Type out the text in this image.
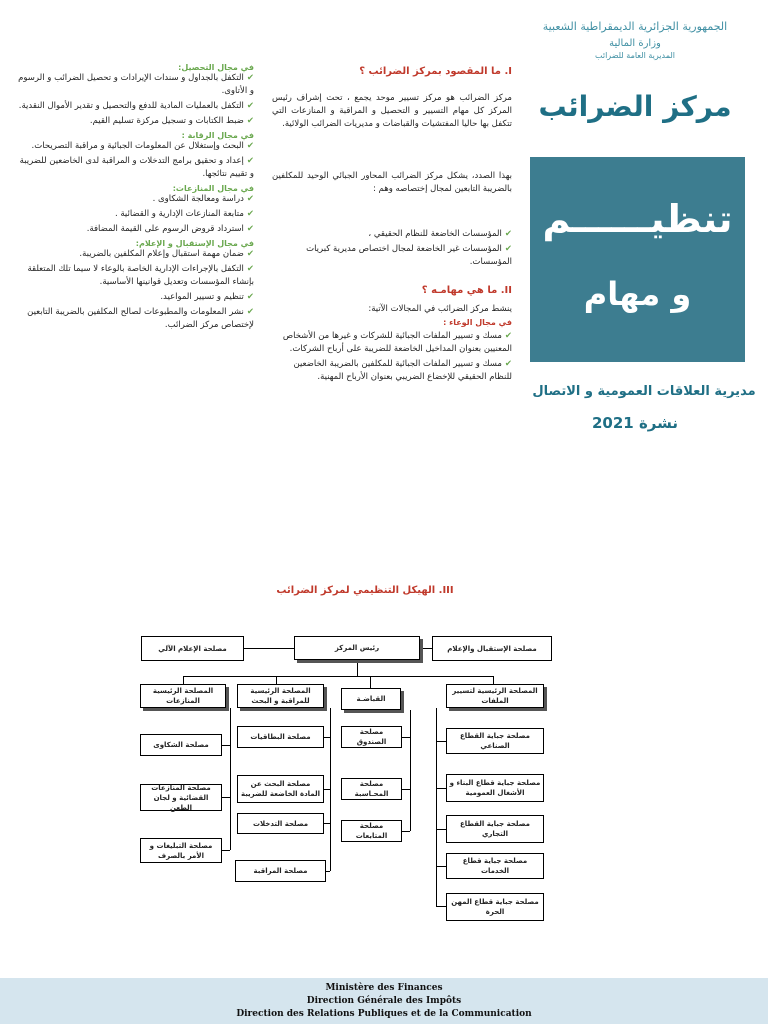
الجمهورية الجزائرية الديمقراطية الشعبية
وزارة المالية
المديرية العامة للضرائب
مركز الضرائب
تنظيــــــم
و مهام
مديرية العلاقات العمومية و الاتصال
نشرة 2021
I. ما المقصود بمركز الضرائب ؟
مركز الضرائب هو مركز تسيير موحد يجمع ، تحت إشراف رئيس المركز كل مهام التسيير و التحصيل و المراقبة و المنازعات التي تتكفل بها حاليا المفتشيات والقباضات و مديريات الضرائب الولائية.
بهذا الصدد، يشكل مركز الضرائب المحاور الجبائي الوحيد للمكلفين بالضريبة التابعين لمجال إختصاصه وهم :
✔المؤسسات الخاضعة للنظام الحقيقي ،
✔المؤسسات غير الخاضعة لمجال اختصاص مديرية كبريات المؤسسات.
II. ما هي مهامـه ؟
ينشط مركز الضرائب في المجالات الآتية:
في مجال الوعاء :
✔مسك و تسيير الملفات الجبائية للشركات و غيرها من الأشخاص المعنيين بعنوان المداخيل الخاضعة للضريبة على أرباح الشركات.
✔مسك و تسيير الملفات الجبائية للمكلفين بالضريبة الخاضعين للنظام الحقيقي للإخضاع الضريبي بعنوان الأرباح المهنية.
في مجال التحصيل:
✔التكفل بالجداول و سندات الإيرادات و تحصيل الضرائب و الرسوم و الأتاوى.
✔التكفل بالعمليات المادية للدفع والتحصيل و تقدير الأموال النقدية.
✔ضبط الكتابات و تسجيل مركزة تسليم القيم.
في مجال الرقابة :
✔البحث وإستغلال عن المعلومات الجبائية و مراقبة التصريحات.
✔إعداد و تحقيق برامج التدخلات و المراقبة لدى الخاضعين للضريبة و تقييم نتائجها.
في مجال المنازعات:
✔دراسة ومعالجة الشكاوى .
✔متابعة المنازعات الإدارية و القضائية .
✔استرداد قروض الرسوم على القيمة المضافة.
في مجال الإستقبال و الإعلام:
✔ضمان مهمة استقبال وإعلام المكلفين بالضريبة.
✔التكفل بالإجراءات الإدارية الخاصة بالوعاء لا سيما تلك المتعلقة بإنشاء المؤسسات وتعديل قوانينها الأساسية.
✔تنظيم و تسيير المواعيد.
✔نشر المعلومات والمطبوعات لصالح المكلفين بالضريبة التابعين لإختصاص مركز الضرائب.
III. الهيكل التنظيمي لمركز الضرائب
مصلحة الإعلام الآلي	رئيس المركز	مصلحة الإستقبال والإعلام
المصلحة الرئيسية المنازعات
مصلحة الشكاوى
مصلحة المنازعات القضائية و لجان الطعن
مصلحة التبليغات و الأمر بالصرف
المصلحة الرئيسية للمراقبة و البحث
مصلحة البطاقيات
مصلحة البحث عن المادة الخاضعة للضريبة
مصلحة التدخلات
مصلحة المراقبة
القباضـة
مصلحة الصندوق
مصلحة المحـاسبة
مصلحة المتابعات
المصلحة الرئيسية لتسيير الملفات
مصلحة جباية القطاع الصناعي
مصلحة جباية قطاع البناء و الأشغال العمومية
مصلحة جباية القطاع التجاري
مصلحة جباية قطاع الخدمات
مصلحة جباية قطاع المهن الحرة
Ministère des Finances
Direction Générale des Impôts
Direction des Relations Publiques et de la Communication
